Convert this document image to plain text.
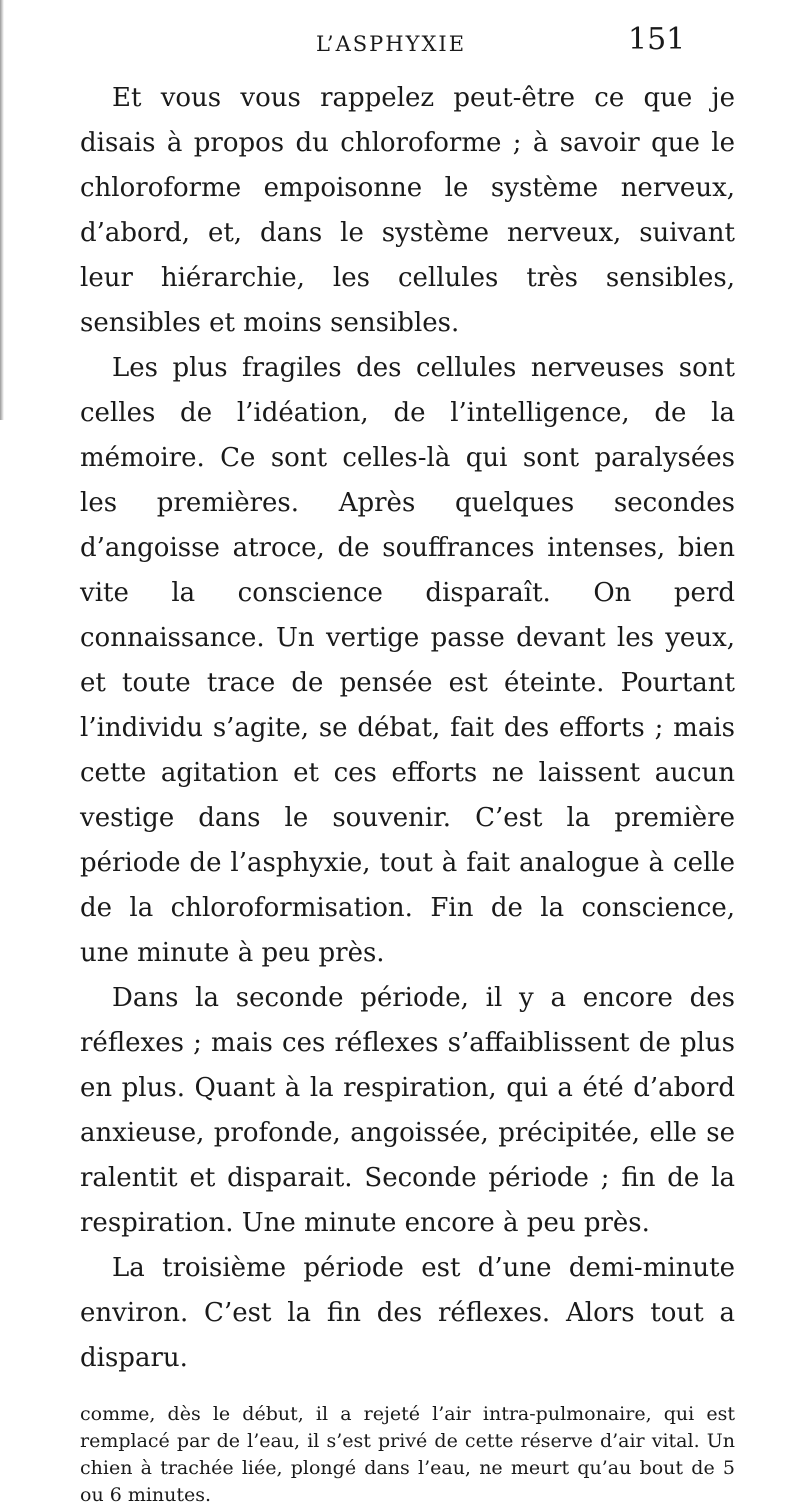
L’ASPHYXIE	151

Et vous vous rappelez peut-être ce que je disais à propos du chloroforme ; à savoir que le chloroforme empoisonne le système nerveux, d’abord, et, dans le système nerveux, suivant leur hiérarchie, les cellules très sensibles, sensibles et moins sensibles.

Les plus fragiles des cellules nerveuses sont celles de l’idéation, de l’intelligence, de la mémoire. Ce sont celles-là qui sont paralysées les premières. Après quelques secondes d’angoisse atroce, de souffrances intenses, bien vite la conscience disparaît. On perd connaissance. Un vertige passe devant les yeux, et toute trace de pensée est éteinte. Pourtant l’individu s’agite, se débat, fait des efforts ; mais cette agitation et ces efforts ne laissent aucun vestige dans le souvenir. C’est la première période de l’asphyxie, tout à fait analogue à celle de la chloroformisation. Fin de la conscience, une minute à peu près.

Dans la seconde période, il y a encore des réflexes ; mais ces réflexes s’affaiblissent de plus en plus. Quant à la respiration, qui a été d’abord anxieuse, profonde, angoissée, précipitée, elle se ralentit et disparait. Seconde période ; fin de la respiration. Une minute encore à peu près.

La troisième période est d’une demi-minute environ. C’est la fin des réflexes. Alors tout a disparu.

comme, dès le début, il a rejeté l’air intra-pulmonaire, qui est remplacé par de l’eau, il s’est privé de cette réserve d’air vital. Un chien à trachée liée, plongé dans l’eau, ne meurt qu’au bout de 5 ou 6 minutes.
